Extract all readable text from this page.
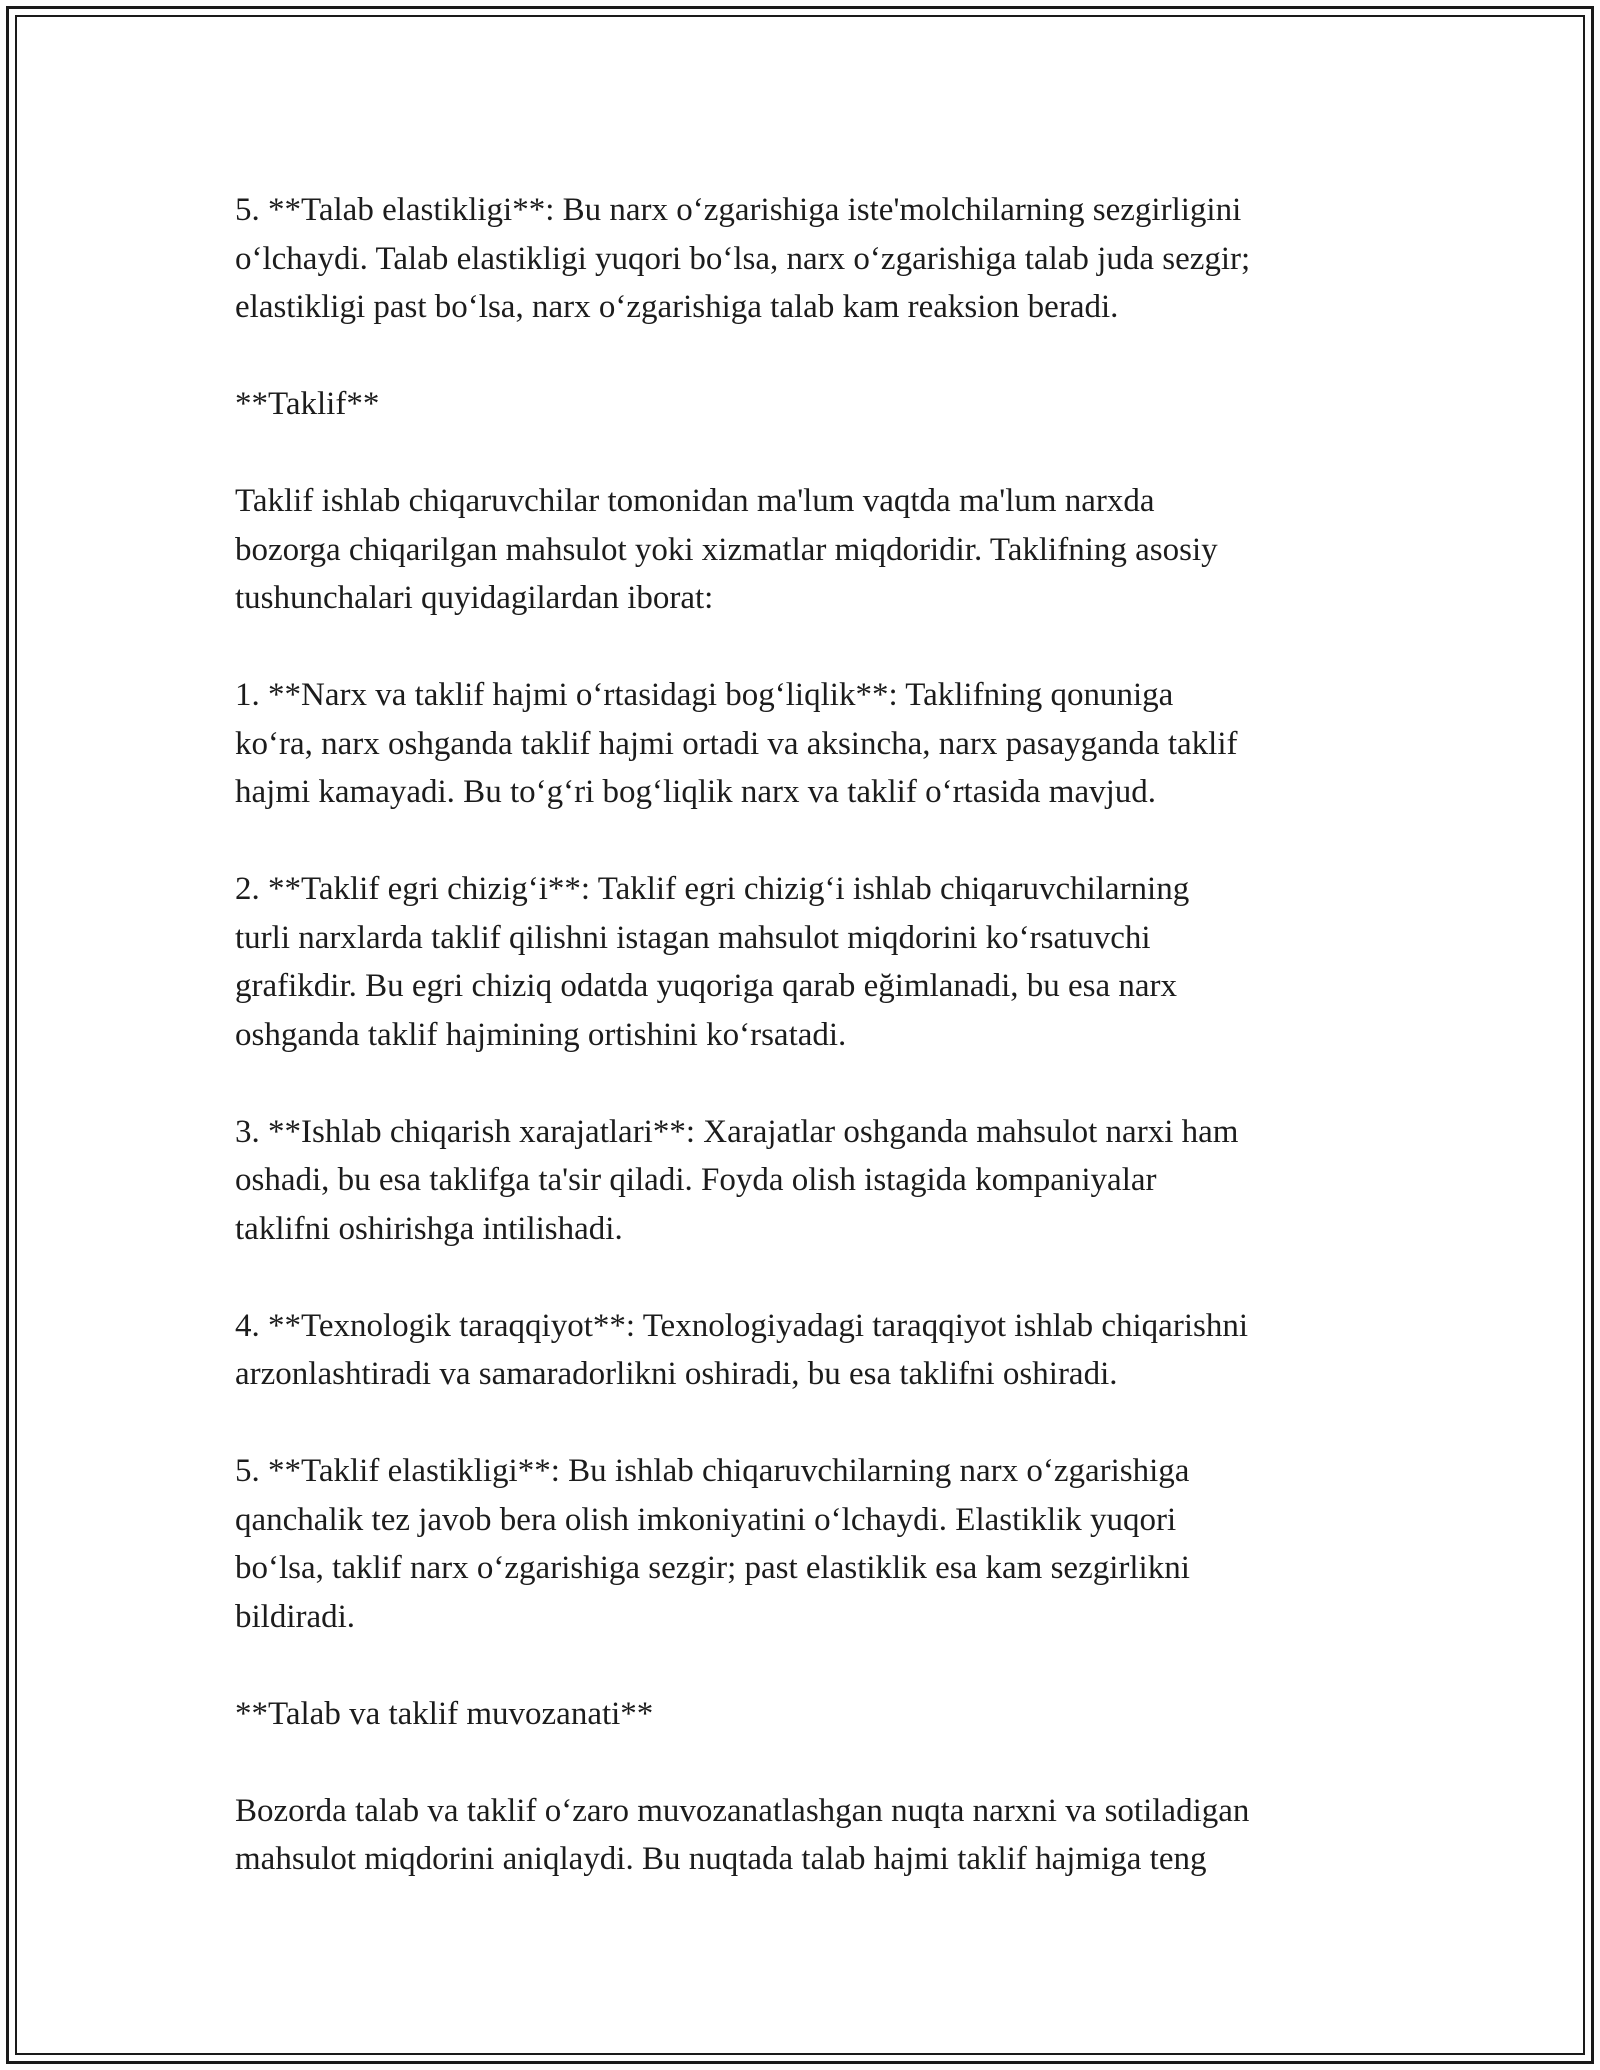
5. **Talab elastikligi**: Bu narx o‘zgarishiga iste'molchilarning sezgirligini
o‘lchaydi. Talab elastikligi yuqori bo‘lsa, narx o‘zgarishiga talab juda sezgir;
elastikligi past bo‘lsa, narx o‘zgarishiga talab kam reaksion beradi.

**Taklif**

Taklif ishlab chiqaruvchilar tomonidan ma'lum vaqtda ma'lum narxda
bozorga chiqarilgan mahsulot yoki xizmatlar miqdoridir. Taklifning asosiy
tushunchalari quyidagilardan iborat:

1. **Narx va taklif hajmi o‘rtasidagi bog‘liqlik**: Taklifning qonuniga
ko‘ra, narx oshganda taklif hajmi ortadi va aksincha, narx pasayganda taklif
hajmi kamayadi. Bu to‘g‘ri bog‘liqlik narx va taklif o‘rtasida mavjud.

2. **Taklif egri chizig‘i**: Taklif egri chizig‘i ishlab chiqaruvchilarning
turli narxlarda taklif qilishni istagan mahsulot miqdorini ko‘rsatuvchi
grafikdir. Bu egri chiziq odatda yuqoriga qarab eğimlanadi, bu esa narx
oshganda taklif hajmining ortishini ko‘rsatadi.

3. **Ishlab chiqarish xarajatlari**: Xarajatlar oshganda mahsulot narxi ham
oshadi, bu esa taklifga ta'sir qiladi. Foyda olish istagida kompaniyalar
taklifni oshirishga intilishadi.

4. **Texnologik taraqqiyot**: Texnologiyadagi taraqqiyot ishlab chiqarishni
arzonlashtiradi va samaradorlikni oshiradi, bu esa taklifni oshiradi.

5. **Taklif elastikligi**: Bu ishlab chiqaruvchilarning narx o‘zgarishiga
qanchalik tez javob bera olish imkoniyatini o‘lchaydi. Elastiklik yuqori
bo‘lsa, taklif narx o‘zgarishiga sezgir; past elastiklik esa kam sezgirlikni
bildiradi.

**Talab va taklif muvozanati**

Bozorda talab va taklif o‘zaro muvozanatlashgan nuqta narxni va sotiladigan
mahsulot miqdorini aniqlaydi. Bu nuqtada talab hajmi taklif hajmiga teng
